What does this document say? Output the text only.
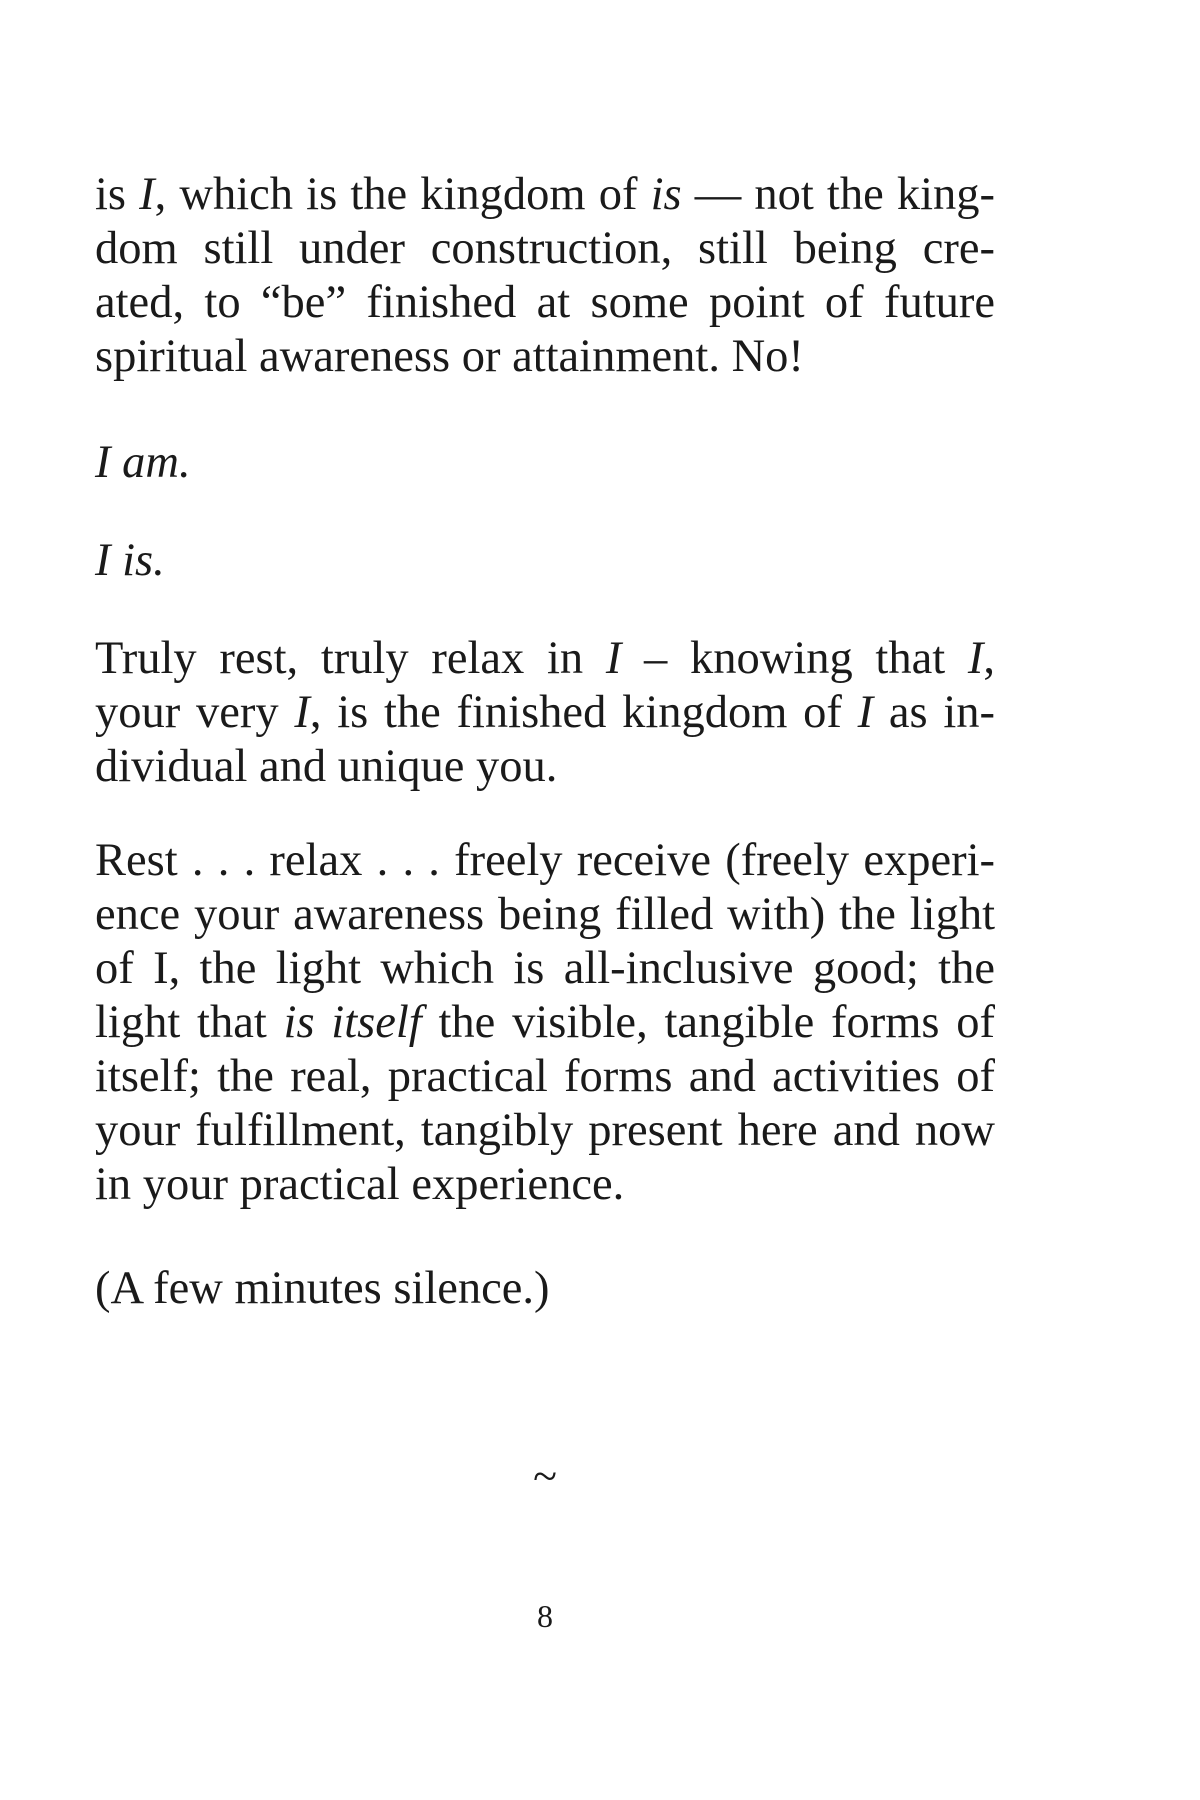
is I, which is the kingdom of is — not the king-
dom still under construction, still being cre-
ated, to “be” finished at some point of future
spiritual awareness or attainment. No!
I am.
I is.
Truly rest, truly relax in I – knowing that I,
your very I, is the finished kingdom of I as in-
dividual and unique you.
Rest . . . relax . . . freely receive (freely experi-
ence your awareness being filled with) the light
of I, the light which is all-inclusive good; the
light that is itself the visible, tangible forms of
itself; the real, practical forms and activities of
your fulfillment, tangibly present here and now
in your practical experience.
(A few minutes silence.)
~
8
